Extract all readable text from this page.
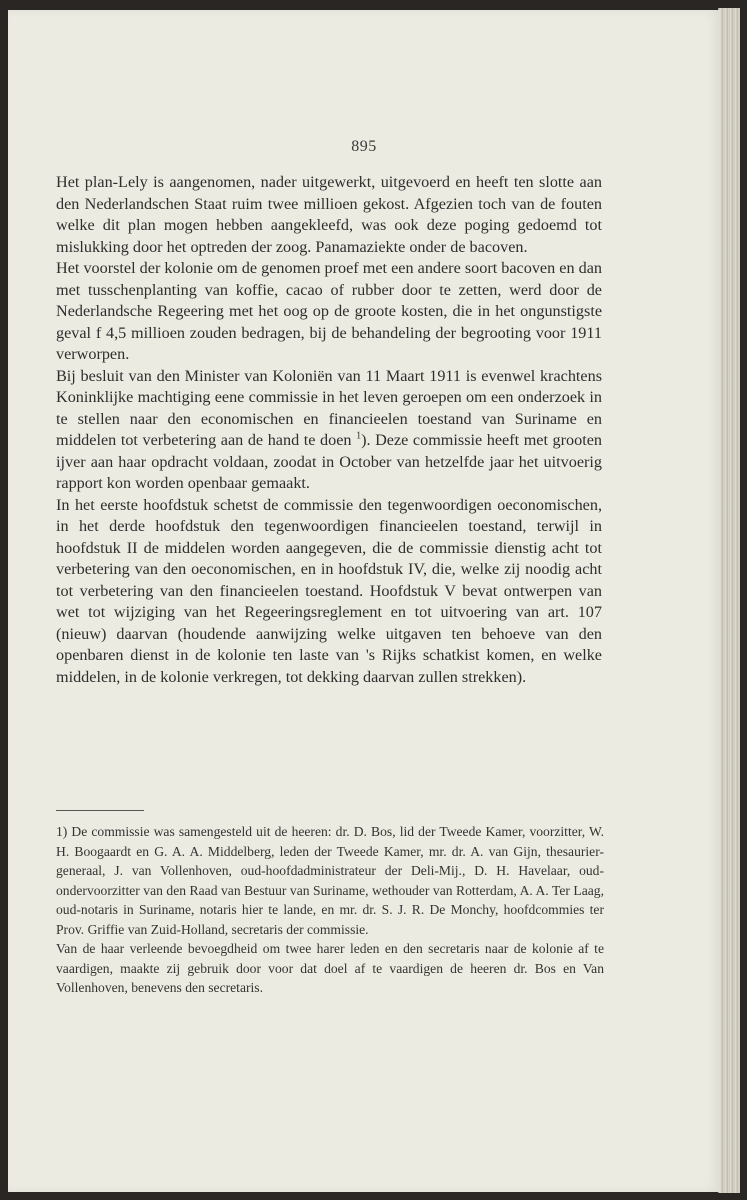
895

Het plan-Lely is aangenomen, nader uitgewerkt, uitgevoerd en heeft ten slotte aan den Nederlandschen Staat ruim twee millioen gekost. Afgezien toch van de fouten welke dit plan mogen hebben aangekleefd, was ook deze poging gedoemd tot mislukking door het optreden der zoog. Panamaziekte onder de bacoven.

Het voorstel der kolonie om de genomen proef met een andere soort bacoven en dan met tusschenplanting van koffie, cacao of rubber door te zetten, werd door de Nederlandsche Regeering met het oog op de groote kosten, die in het ongunstigste geval f 4,5 millioen zouden bedragen, bij de behandeling der begrooting voor 1911 verworpen.

Bij besluit van den Minister van Koloniën van 11 Maart 1911 is evenwel krachtens Koninklijke machtiging eene commissie in het leven geroepen om een onderzoek in te stellen naar den economischen en financieelen toestand van Suriname en middelen tot verbetering aan de hand te doen $^1$). Deze commissie heeft met grooten ijver aan haar opdracht voldaan, zoodat in October van hetzelfde jaar het uitvoerig rapport kon worden openbaar gemaakt.

In het eerste hoofdstuk schetst de commissie den tegenwoordigen oeconomischen, in het derde hoofdstuk den tegenwoordigen financieelen toestand, terwijl in hoofdstuk II de middelen worden aangegeven, die de commissie dienstig acht tot verbetering van den oeconomischen, en in hoofdstuk IV, die, welke zij noodig acht tot verbetering van den financieelen toestand. Hoofdstuk V bevat ontwerpen van wet tot wijziging van het Regeeringsreglement en tot uitvoering van art. 107 (nieuw) daarvan (houdende aanwijzing welke uitgaven ten behoeve van den openbaren dienst in de kolonie ten laste van 's Rijks schatkist komen, en welke middelen, in de kolonie verkregen, tot dekking daarvan zullen strekken).

1) De commissie was samengesteld uit de heeren: dr. D. Bos, lid der Tweede Kamer, voorzitter, W. H. Boogaardt en G. A. A. Middelberg, leden der Tweede Kamer, mr. dr. A. van Gijn, thesaurier-generaal, J. van Vollenhoven, oud-hoofdadministrateur der Deli-Mij., D. H. Havelaar, oud-ondervoorzitter van den Raad van Bestuur van Suriname, wethouder van Rotterdam, A. A. Ter Laag, oud-notaris in Suriname, notaris hier te lande, en mr. dr. S. J. R. De Monchy, hoofdcommies ter Prov. Griffie van Zuid-Holland, secretaris der commissie.

Van de haar verleende bevoegdheid om twee harer leden en den secretaris naar de kolonie af te vaardigen, maakte zij gebruik door voor dat doel af te vaardigen de heeren dr. Bos en Van Vollenhoven, benevens den secretaris.
